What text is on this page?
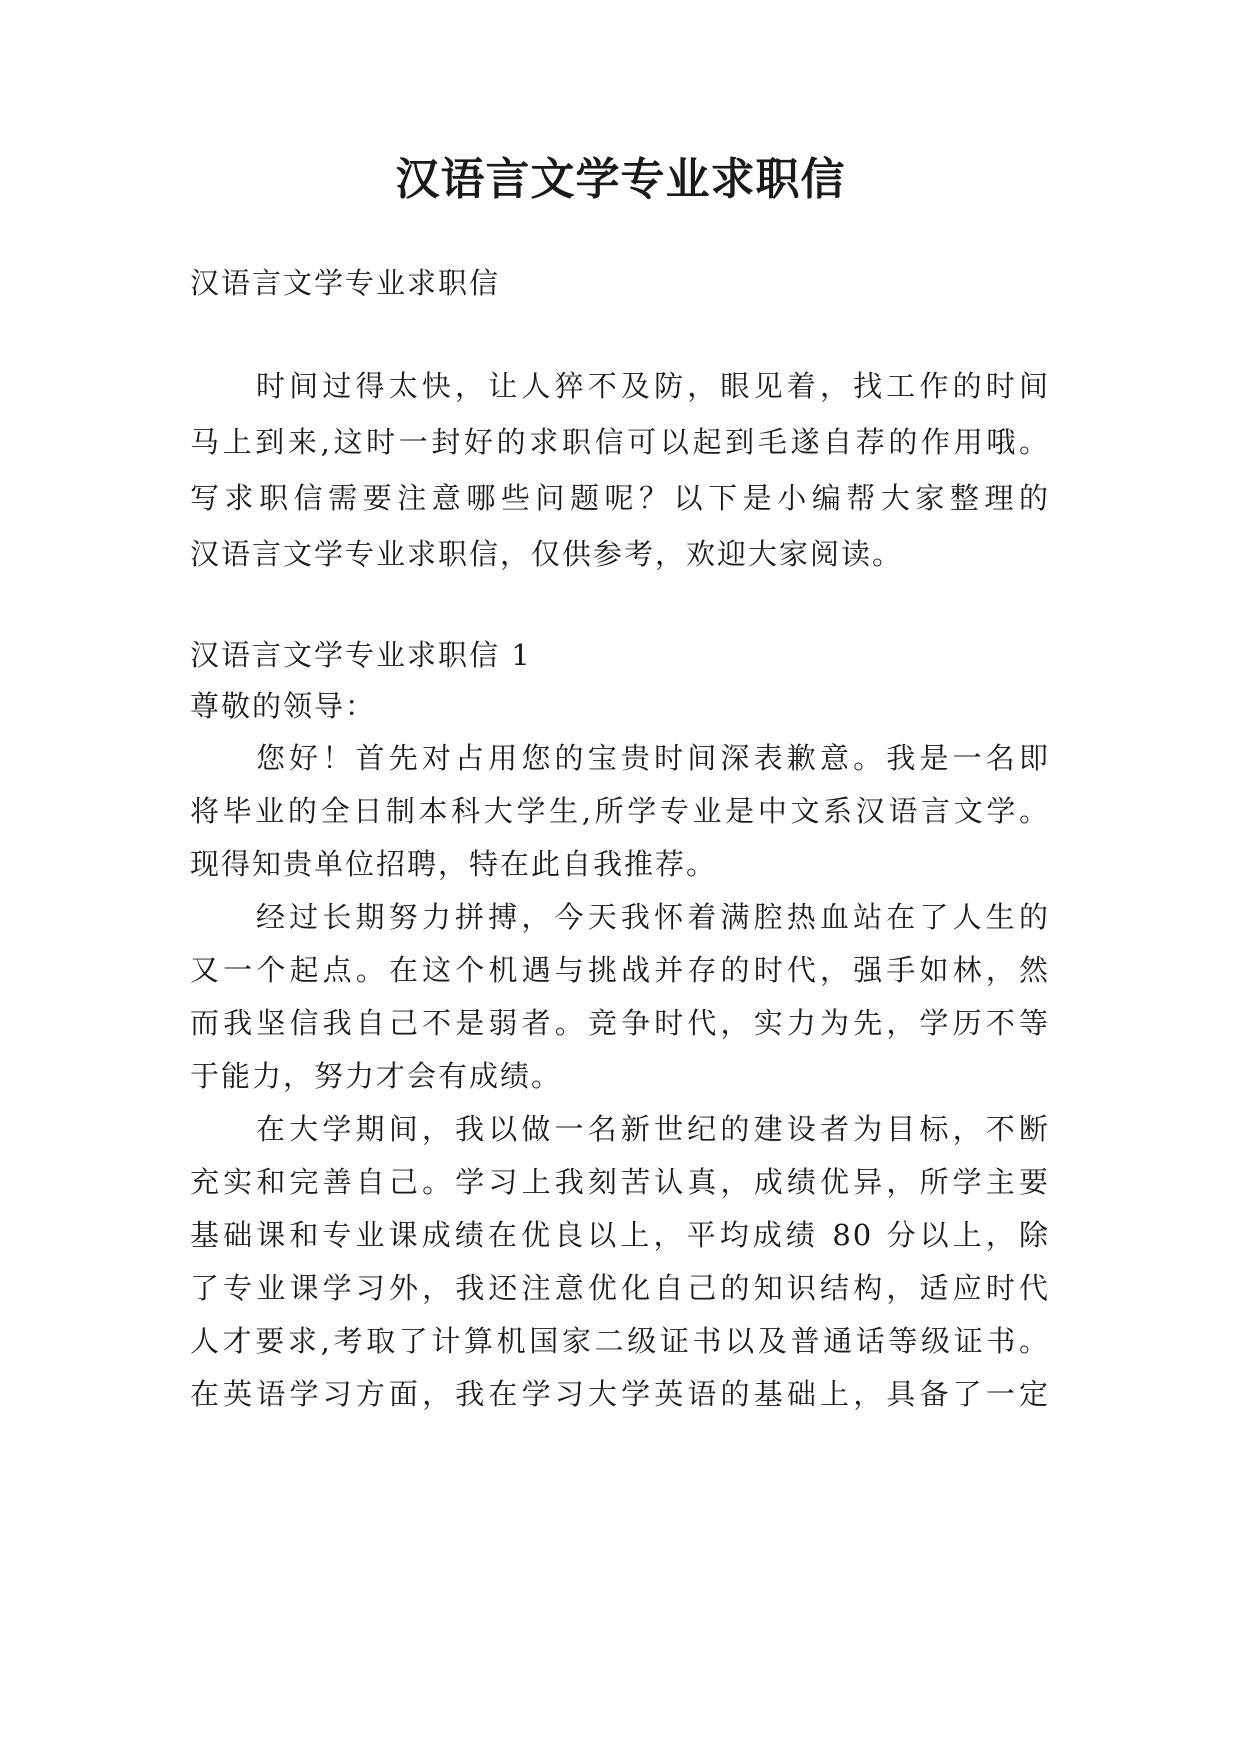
汉语言文学专业求职信

汉语言文学专业求职信

时间过得太快，让人猝不及防，眼见着，找工作的时间

马上到来,这时一封好的求职信可以起到毛遂自荐的作用哦。

写求职信需要注意哪些问题呢？以下是小编帮大家整理的

汉语言文学专业求职信，仅供参考，欢迎大家阅读。

汉语言文学专业求职信 1

尊敬的领导：

您好！首先对占用您的宝贵时间深表歉意。我是一名即

将毕业的全日制本科大学生,所学专业是中文系汉语言文学。

现得知贵单位招聘，特在此自我推荐。

经过长期努力拼搏，今天我怀着满腔热血站在了人生的

又一个起点。在这个机遇与挑战并存的时代，强手如林，然

而我坚信我自己不是弱者。竞争时代，实力为先，学历不等

于能力，努力才会有成绩。

在大学期间，我以做一名新世纪的建设者为目标，不断

充实和完善自己。学习上我刻苦认真，成绩优异，所学主要

基础课和专业课成绩在优良以上，平均成绩 80 分以上，除

了专业课学习外，我还注意优化自己的知识结构，适应时代

人才要求,考取了计算机国家二级证书以及普通话等级证书。

在英语学习方面，我在学习大学英语的基础上，具备了一定
